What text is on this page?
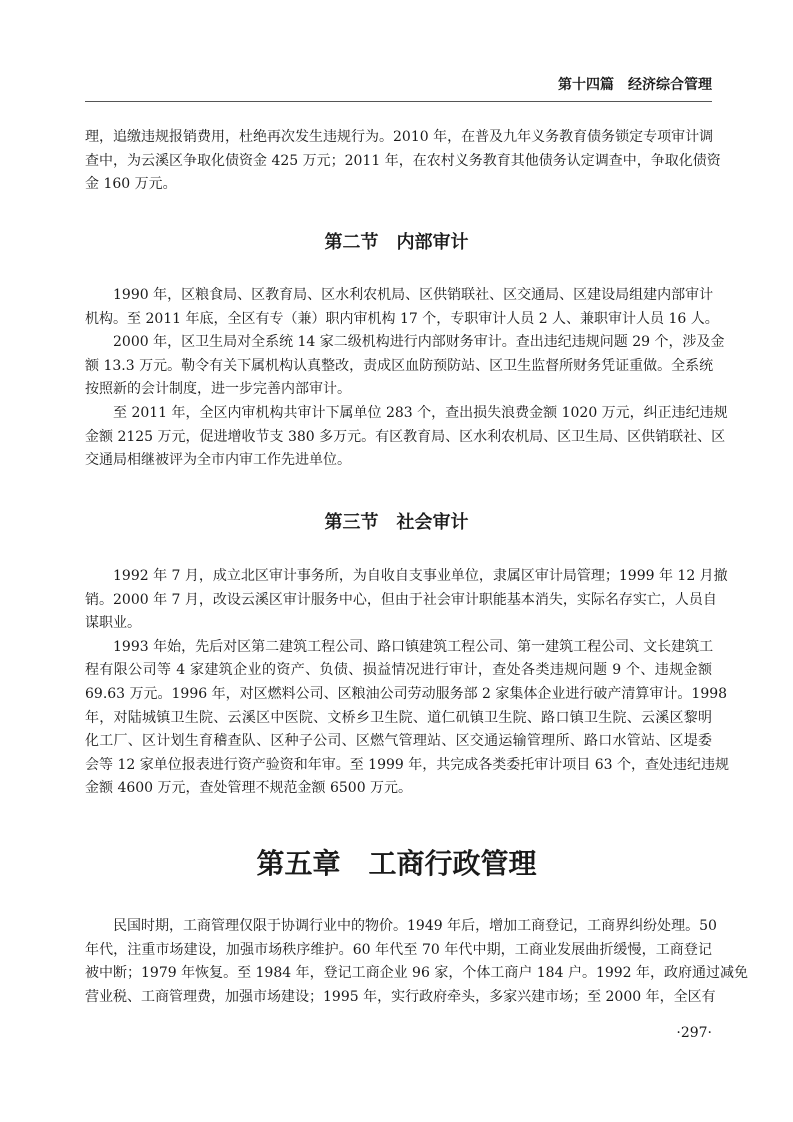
第十四篇　经济综合管理
理，追缴违规报销费用，杜绝再次发生违规行为。2010 年，在普及九年义务教育债务锁定专项审计调
查中，为云溪区争取化债资金 425 万元；2011 年，在农村义务教育其他债务认定调查中，争取化债资
金 160 万元。
第二节　内部审计
1990 年，区粮食局、区教育局、区水利农机局、区供销联社、区交通局、区建设局组建内部审计
机构。至 2011 年底，全区有专（兼）职内审机构 17 个，专职审计人员 2 人、兼职审计人员 16 人。
2000 年，区卫生局对全系统 14 家二级机构进行内部财务审计。查出违纪违规问题 29 个，涉及金
额 13.3 万元。勒令有关下属机构认真整改，责成区血防预防站、区卫生监督所财务凭证重做。全系统
按照新的会计制度，进一步完善内部审计。
至 2011 年，全区内审机构共审计下属单位 283 个，查出损失浪费金额 1020 万元，纠正违纪违规
金额 2125 万元，促进增收节支 380 多万元。有区教育局、区水利农机局、区卫生局、区供销联社、区
交通局相继被评为全市内审工作先进单位。
第三节　社会审计
1992 年 7 月，成立北区审计事务所，为自收自支事业单位，隶属区审计局管理；1999 年 12 月撤
销。2000 年 7 月，改设云溪区审计服务中心，但由于社会审计职能基本消失，实际名存实亡，人员自
谋职业。
1993 年始，先后对区第二建筑工程公司、路口镇建筑工程公司、第一建筑工程公司、文长建筑工
程有限公司等 4 家建筑企业的资产、负债、损益情况进行审计，查处各类违规问题 9 个、违规金额
69.63 万元。1996 年，对区燃料公司、区粮油公司劳动服务部 2 家集体企业进行破产清算审计。1998
年，对陆城镇卫生院、云溪区中医院、文桥乡卫生院、道仁矶镇卫生院、路口镇卫生院、云溪区黎明
化工厂、区计划生育稽查队、区种子公司、区燃气管理站、区交通运输管理所、路口水管站、区堤委
会等 12 家单位报表进行资产验资和年审。至 1999 年，共完成各类委托审计项目 63 个，查处违纪违规
金额 4600 万元，查处管理不规范金额 6500 万元。
第五章　工商行政管理
民国时期，工商管理仅限于协调行业中的物价。1949 年后，增加工商登记，工商界纠纷处理。50
年代，注重市场建设，加强市场秩序维护。60 年代至 70 年代中期，工商业发展曲折缓慢，工商登记
被中断；1979 年恢复。至 1984 年，登记工商企业 96 家，个体工商户 184 户。1992 年，政府通过减免
营业税、工商管理费，加强市场建设；1995 年，实行政府牵头，多家兴建市场；至 2000 年，全区有
·297·
